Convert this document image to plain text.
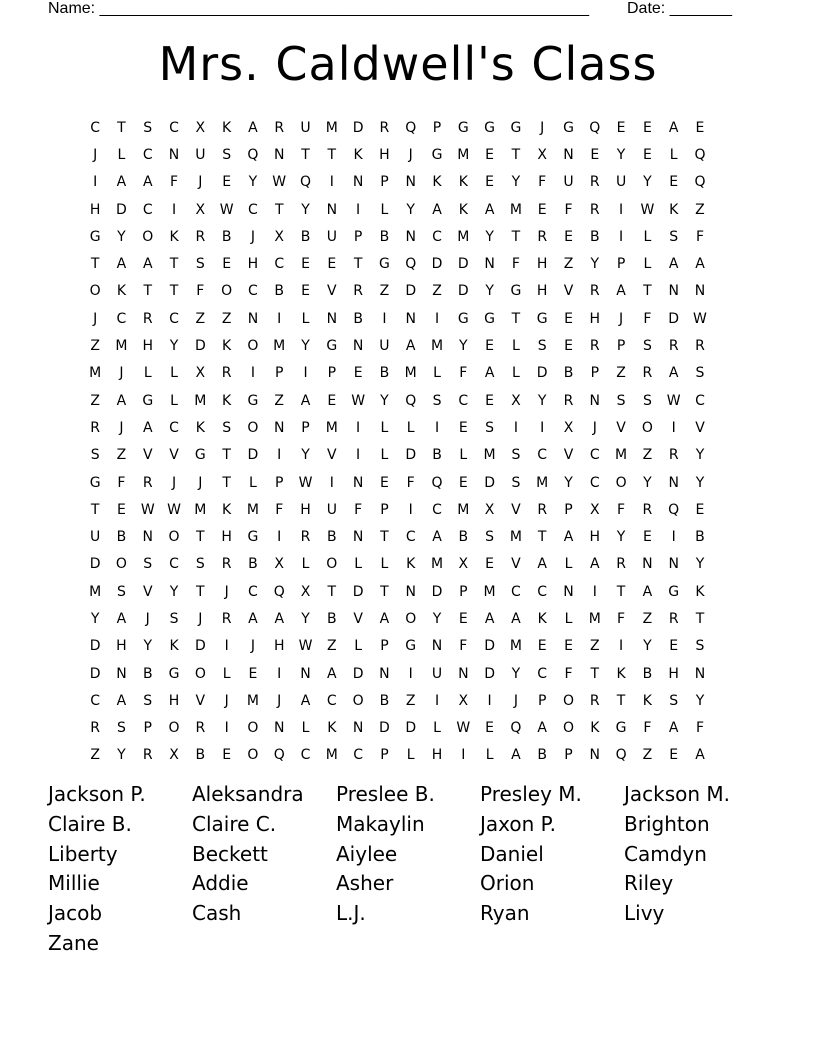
Name: _______________________________________________________ Date: _______
Mrs. Caldwell's Class
C	T	S	C	X	K	A	R	U	M	D	R	Q	P	G	G	G	J	G	Q	E	E	A	E
J	L	C	N	U	S	Q	N	T	T	K	H	J	G	M	E	T	X	N	E	Y	E	L	Q
I	A	A	F	J	E	Y	W Q	I	N	P	N	K	K	E	Y	F	U	R	U	Y	E	Q
H	D	C	I	X	W	C	T	Y	N	I	L	Y	A	K	A	M	E	F	R	I	W	K	Z
G	Y	O	K	R	B	J	X	B	U	P	B	N	C	M	Y	T	R	E	B	I	L	S	F
T	A	A	T	S	E	H	C	E	E	T	G	Q	D	D	N	F	H	Z	Y	P	L	A	A
O	K	T	T	F	O	C	B	E	V	R	Z	D	Z	D	Y	G	H	V	R	A	T	N	N
J	C	R	C	Z	Z	N	I	L	N	B	I	N	I	G	G	T	G	E	H	J	F	D W
Z	M	H	Y	D	K	O	M	Y	G	N	U	A	M	Y	E	L	S	E	R	P	S	R	R
M	J	L	L	X	R	I	P	I	P	E	B	M	L	F	A	L	D	B	P	Z	R	A	S
Z	A	G	L	M	K	G	Z	A	E	W	Y	Q	S	C	E	X	Y	R	N	S	S	W	C
R	J	A	C	K	S	O	N	P	M	I	L	L	I	E	S	I	I	X	J	V	O	I	V
S	Z	V	V	G	T	D	I	Y	V	I	L	D	B	L	M	S	C	V	C	M	Z	R	Y
G	F	R	J	J	T	L	P	W	I	N	E	F	Q	E	D	S	M	Y	C	O	Y	N	Y
T	E	W W M	K	M	F	H	U	F	P	I	C	M	X	V	R	P	X	F	R	Q	E
U	B	N	O	T	H	G	I	R	B	N	T	C	A	B	S	M	T	A	H	Y	E	I	B
D	O	S	C	S	R	B	X	L	O	L	L	K	M	X	E	V	A	L	A	R	N	N	Y
M	S	V	Y	T	J	C	Q	X	T	D	T	N	D	P	M	C	C	N	I	T	A	G	K
Y	A	J	S	J	R	A	A	Y	B	V	A	O	Y	E	A	A	K	L	M	F	Z	R	T
D	H	Y	K	D	I	J	H	W	Z	L	P	G	N	F	D	M	E	E	Z	I	Y	E	S
D	N	B	G	O	L	E	I	N	A	D	N	I	U	N	D	Y	C	F	T	K	B	H	N
C	A	S	H	V	J	M	J	A	C	O	B	Z	I	X	I	J	P	O	R	T	K	S	Y
R	S	P	O	R	I	O	N	L	K	N	D	D	L	W	E	Q	A	O	K	G	F	A	F
Z	Y	R	X	B	E	O	Q	C	M	C	P	L	H	I	L	A	B	P	N	Q	Z	E	A
Jackson P.	Aleksandra	Preslee B.	Presley M.	Jackson M.
Claire B.	Claire C.	Makaylin	Jaxon P.	Brighton
Liberty	Beckett	Aiylee	Daniel	Camdyn
Millie	Addie	Asher	Orion	Riley
Jacob	Cash	L.J.	Ryan	Livy
Zane
